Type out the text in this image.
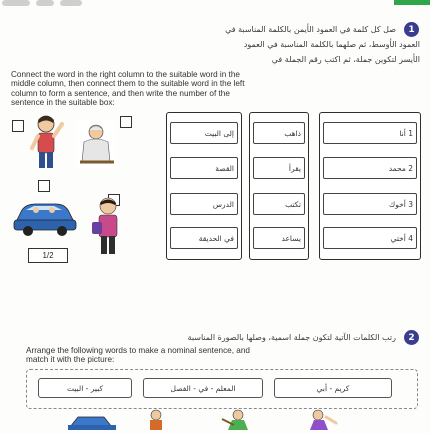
1
صل كل كلمة في العمود الأيمن بالكلمة المناسبة في
العمود الأوسط، ثم صلهما بالكلمة المناسبة في العمود
الأيسر لتكوين جملة، ثم اكتب رقم الجملة في
Connect the word in the right column to the suitable word in the
middle column, then connect them to the suitable word in the left
column to form a sentence, and then write the number of the
sentence in the suitable box:
1/2
إلى البيت
القصة
الدرس
في الحديقة
ذاهب
يقرأ
تكتب
يساعد
1 أنا
2 محمد
3 أخوك
4 أختي
2
رتب الكلمات الآتية لتكون جملة اسمية، وصلها بالصورة المناسبة
Arrange the following words to make a nominal sentence, and
match it with the picture:
كبير - البيت	المعلم - في - الفصل	كريم - أبي
